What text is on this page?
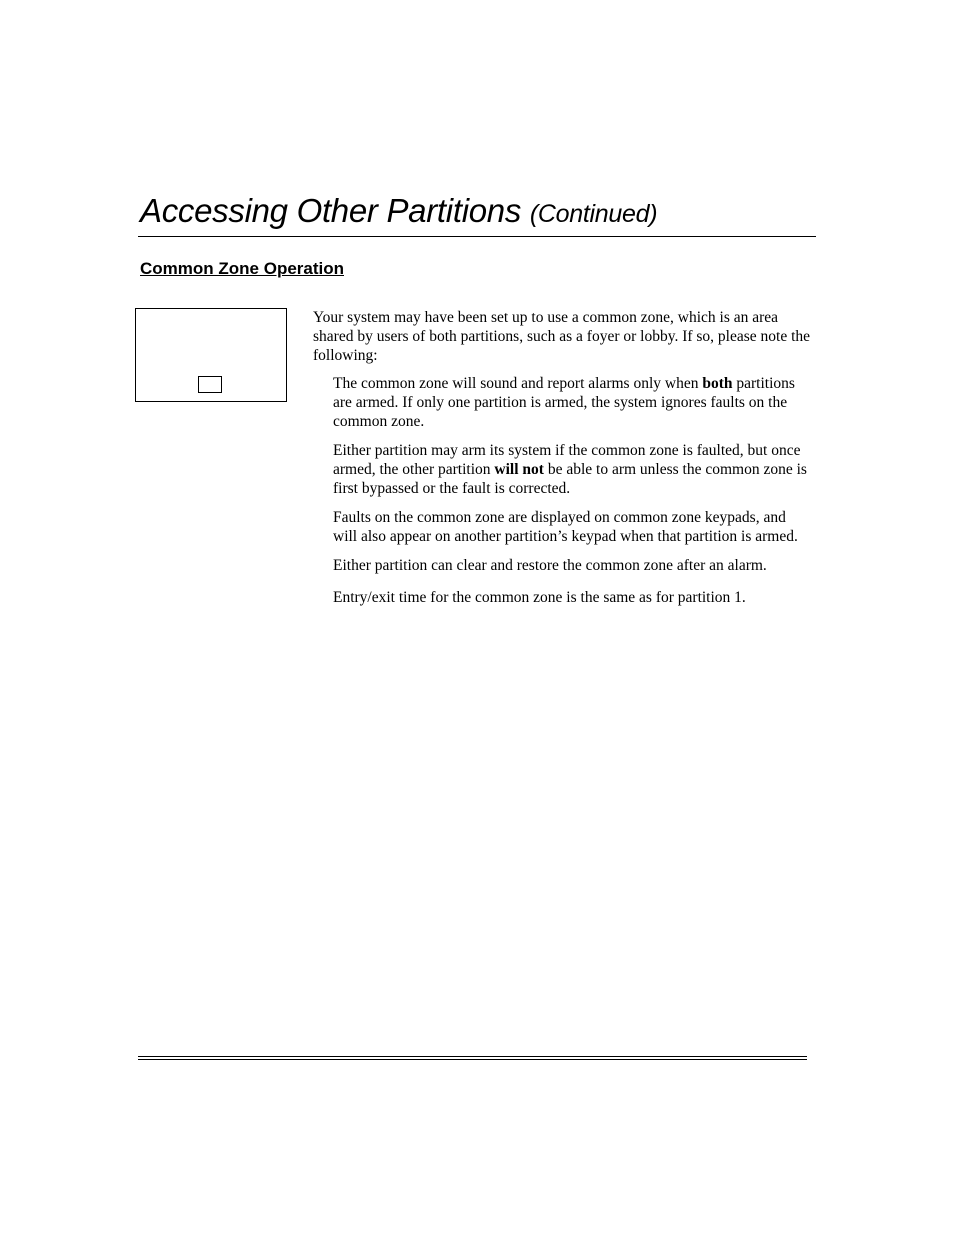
Accessing Other Partitions (Continued)
Common Zone Operation

Your system may have been set up to use a common zone, which is an area shared by users of both partitions, such as a foyer or lobby. If so, please note the following:

The common zone will sound and report alarms only when both partitions are armed. If only one partition is armed, the system ignores faults on the common zone.
Either partition may arm its system if the common zone is faulted, but once armed, the other partition will not be able to arm unless the common zone is first bypassed or the fault is corrected.
Faults on the common zone are displayed on common zone keypads, and will also appear on another partition’s keypad when that partition is armed.
Either partition can clear and restore the common zone after an alarm.
Entry/exit time for the common zone is the same as for partition 1.
